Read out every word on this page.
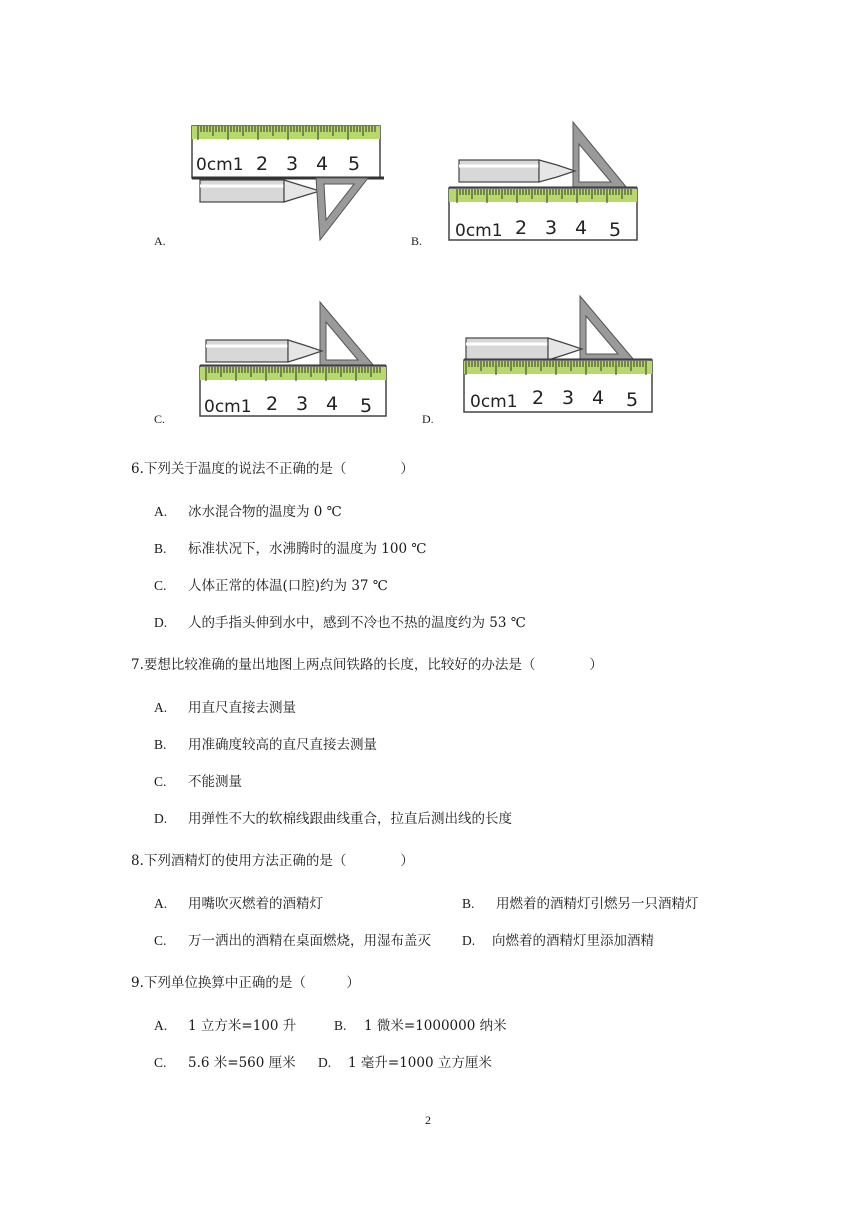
0cm1 2 3 4 5
A.	0cm1 2 3 4 5
B.
0cm1 2 3 4 5
C.
0cm1 2 3 4 5
D.
6.下列关于温度的说法不正确的是（　　　　）
A. 冰水混合物的温度为 0 ℃
B. 标准状况下，水沸腾时的温度为 100 ℃
C. 人体正常的体温(口腔)约为 37 ℃
D. 人的手指头伸到水中，感到不冷也不热的温度约为 53 ℃
7.要想比较准确的量出地图上两点间铁路的长度，比较好的办法是（　　　　）
A. 用直尺直接去测量
B. 用准确度较高的直尺直接去测量
C. 不能测量
D. 用弹性不大的软棉线跟曲线重合，拉直后测出线的长度
8.下列酒精灯的使用方法正确的是（　　　　）
A. 用嘴吹灭燃着的酒精灯	B. 用燃着的酒精灯引燃另一只酒精灯
C. 万一洒出的酒精在桌面燃烧，用湿布盖灭 D. 向燃着的酒精灯里添加酒精
9.下列单位换算中正确的是（　　　）
A. 1 立方米=100 升	B. 1 微米=1000000 纳米
C. 5.6 米=560 厘米 D. 1 毫升=1000 立方厘米
2
